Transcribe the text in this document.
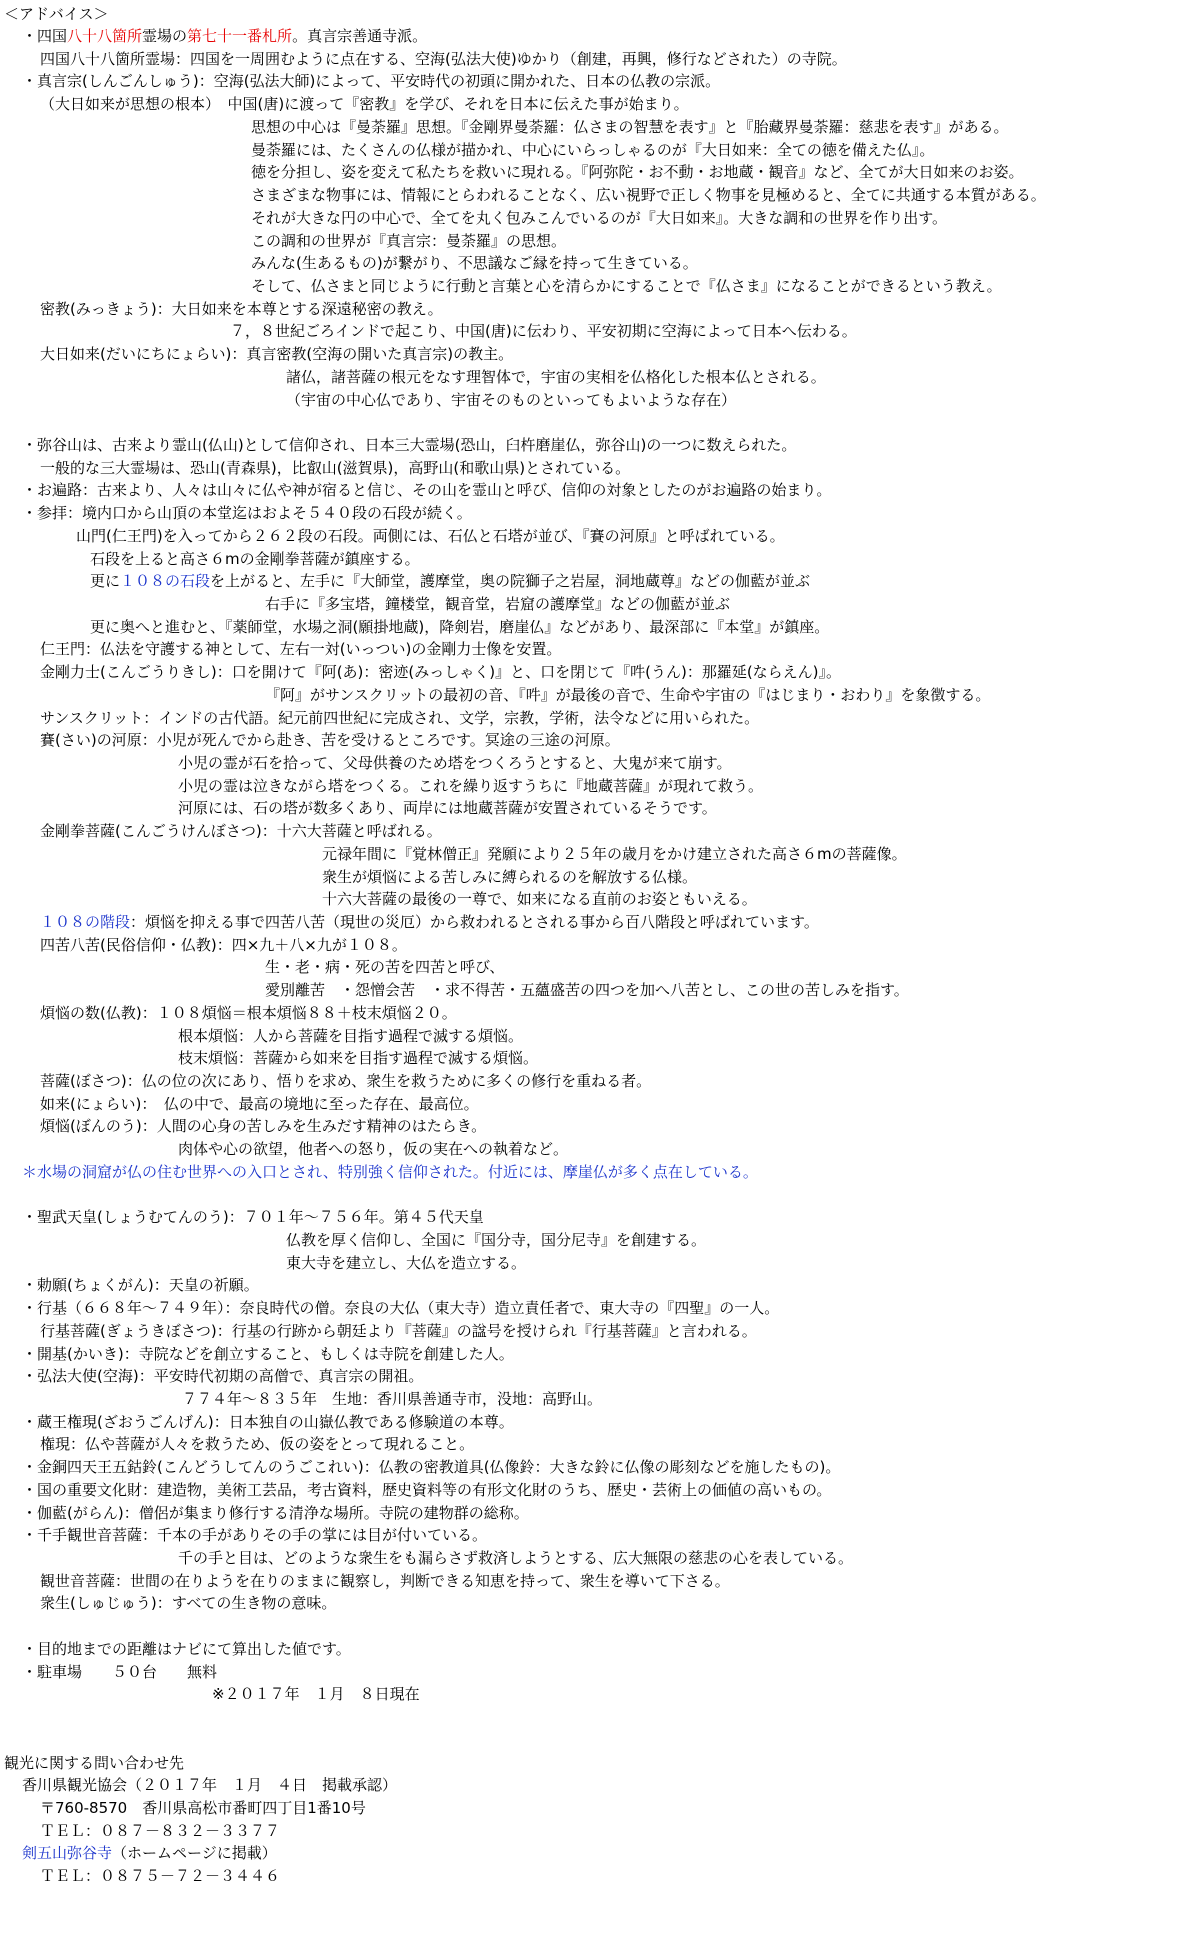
＜アドバイス＞
・四国八十八箇所霊場の第七十一番札所。真言宗善通寺派。
四国八十八箇所霊場：四国を一周囲むように点在する、空海(弘法大使)ゆかり（創建，再興，修行などされた）の寺院。
・真言宗(しんごんしゅう)：空海(弘法大師)によって、平安時代の初頭に開かれた、日本の仏教の宗派。
（大日如来が思想の根本）　中国(唐)に渡って『密教』を学び、それを日本に伝えた事が始まり。
思想の中心は『曼荼羅』思想。『金剛界曼荼羅：仏さまの智慧を表す』と『胎藏界曼荼羅：慈悲を表す』がある。
曼荼羅には、たくさんの仏様が描かれ、中心にいらっしゃるのが『大日如来：全ての徳を備えた仏』。
徳を分担し、姿を変えて私たちを救いに現れる。『阿弥陀・お不動・お地蔵・観音』など、全てが大日如来のお姿。
さまざまな物事には、情報にとらわれることなく、広い視野で正しく物事を見極めると、全てに共通する本質がある。
それが大きな円の中心で、全てを丸く包みこんでいるのが『大日如来』。大きな調和の世界を作り出す。
この調和の世界が『真言宗：曼荼羅』の思想。
みんな(生あるもの)が繋がり、不思議なご縁を持って生きている。
そして、仏さまと同じように行動と言葉と心を清らかにすることで『仏さま』になることができるという教え。
密教(みっきょう)：大日如来を本尊とする深遠秘密の教え。
７，８世紀ごろインドで起こり、中国(唐)に伝わり、平安初期に空海によって日本へ伝わる。
大日如来(だいにちにょらい)：真言密教(空海の開いた真言宗)の教主。
諸仏，諸菩薩の根元をなす理智体で，宇宙の実相を仏格化した根本仏とされる。
（宇宙の中心仏であり、宇宙そのものといってもよいような存在）
・弥谷山は、古来より霊山(仏山)として信仰され、日本三大霊場(恐山，臼杵磨崖仏，弥谷山)の一つに数えられた。
一般的な三大霊場は、恐山(青森県)，比叡山(滋賀県)，高野山(和歌山県)とされている。
・お遍路：古来より、人々は山々に仏や神が宿ると信じ、その山を霊山と呼び、信仰の対象としたのがお遍路の始まり。
・参拝：境内口から山頂の本堂迄はおよそ５４０段の石段が続く。
山門(仁王門)を入ってから２６２段の石段。両側には、石仏と石塔が並び、『賽の河原』と呼ばれている。
石段を上ると高さ６mの金剛拳菩薩が鎮座する。
更に１０８の石段を上がると、左手に『大師堂，護摩堂，奥の院獅子之岩屋，洞地蔵尊』などの伽藍が並ぶ
右手に『多宝塔，鐘楼堂，観音堂，岩窟の護摩堂』などの伽藍が並ぶ
更に奥へと進むと、『薬師堂，水場之洞(願掛地蔵)，降剣岩，磨崖仏』などがあり、最深部に『本堂』が鎮座。
仁王門：仏法を守護する神として、左右一対(いっつい)の金剛力士像を安置。
金剛力士(こんごうりきし)：口を開けて『阿(あ)：密迹(みっしゃく)』と、口を閉じて『吽(うん)：那羅延(ならえん)』。
『阿』がサンスクリットの最初の音、『吽』が最後の音で、生命や宇宙の『はじまり・おわり』を象徴する。
サンスクリット：インドの古代語。紀元前四世紀に完成され、文学，宗教，学術，法令などに用いられた。
賽(さい)の河原：小児が死んでから赴き、苦を受けるところです。冥途の三途の河原。
小児の霊が石を拾って、父母供養のため塔をつくろうとすると、大鬼が来て崩す。
小児の霊は泣きながら塔をつくる。これを繰り返すうちに『地蔵菩薩』が現れて救う。
河原には、石の塔が数多くあり、両岸には地蔵菩薩が安置されているそうです。
金剛拳菩薩(こんごうけんぼさつ)：十六大菩薩と呼ばれる。
元禄年間に『覚林僧正』発願により２５年の歳月をかけ建立された高さ６mの菩薩像。
衆生が煩悩による苦しみに縛られるのを解放する仏様。
十六大菩薩の最後の一尊で、如来になる直前のお姿ともいえる。
１０８の階段：煩悩を抑える事で四苦八苦（現世の災厄）から救われるとされる事から百八階段と呼ばれています。
四苦八苦(民俗信仰・仏教)：四×九＋八×九が１０８。
生・老・病・死の苦を四苦と呼び、
愛別離苦　・怨憎会苦　・求不得苦・五蘊盛苦の四つを加へ八苦とし、この世の苦しみを指す。
煩悩の数(仏教)：１０８煩悩＝根本煩悩８８＋枝末煩悩２０。
根本煩悩：人から菩薩を目指す過程で滅する煩悩。
枝末煩悩：菩薩から如来を目指す過程で滅する煩悩。
菩薩(ぼさつ)：仏の位の次にあり、悟りを求め、衆生を救うために多くの修行を重ねる者。
如来(にょらい)：　仏の中で、最高の境地に至った存在、最高位。
煩悩(ぼんのう)：人間の心身の苦しみを生みだす精神のはたらき。
肉体や心の欲望，他者への怒り，仮の実在への執着など。
＊水場の洞窟が仏の住む世界への入口とされ、特別強く信仰された。付近には、摩崖仏が多く点在している。
・聖武天皇(しょうむてんのう)：７０１年～７５６年。第４５代天皇
仏教を厚く信仰し、全国に『国分寺，国分尼寺』を創建する。
東大寺を建立し、大仏を造立する。
・勅願(ちょくがん)：天皇の祈願。
・行基（６６８年～７４９年）：奈良時代の僧。奈良の大仏（東大寺）造立責任者で、東大寺の『四聖』の一人。
行基菩薩(ぎょうきぼさつ)：行基の行跡から朝廷より『菩薩』の諡号を授けられ『行基菩薩』と言われる。
・開基(かいき)：寺院などを創立すること、もしくは寺院を創建した人。
・弘法大使(空海)：平安時代初期の高僧で、真言宗の開祖。
７７４年～８３５年　生地：香川県善通寺市，没地：高野山。
・蔵王権現(ざおうごんげん)：日本独自の山嶽仏教である修験道の本尊。
権現：仏や菩薩が人々を救うため、仮の姿をとって現れること。
・金銅四天王五鈷鈴(こんどうしてんのうごこれい)：仏教の密教道具(仏像鈴：大きな鈴に仏像の彫刻などを施したもの)。
・国の重要文化財：建造物，美術工芸品，考古資料，歴史資料等の有形文化財のうち、歴史・芸術上の価値の高いもの。
・伽藍(がらん)：僧侶が集まり修行する清浄な場所。寺院の建物群の総称。
・千手観世音菩薩：千本の手がありその手の掌には目が付いている。
千の手と目は、どのような衆生をも漏らさず救済しようとする、広大無限の慈悲の心を表している。
観世音菩薩：世間の在りようを在りのままに観察し，判断できる知恵を持って、衆生を導いて下さる。
衆生(しゅじゅう)：すべての生き物の意味。
・目的地までの距離はナビにて算出した値です。
・駐車場　　５０台　　無料
※２０１７年　１月　８日現在
観光に関する問い合わせ先
香川県観光協会（２０１７年　１月　４日　掲載承認）
〒760-8570　香川県高松市番町四丁目1番10号
ＴＥＬ：０８７－８３２－３３７７
剣五山弥谷寺（ホームページに掲載）
ＴＥＬ：０８７５－７２－３４４６
